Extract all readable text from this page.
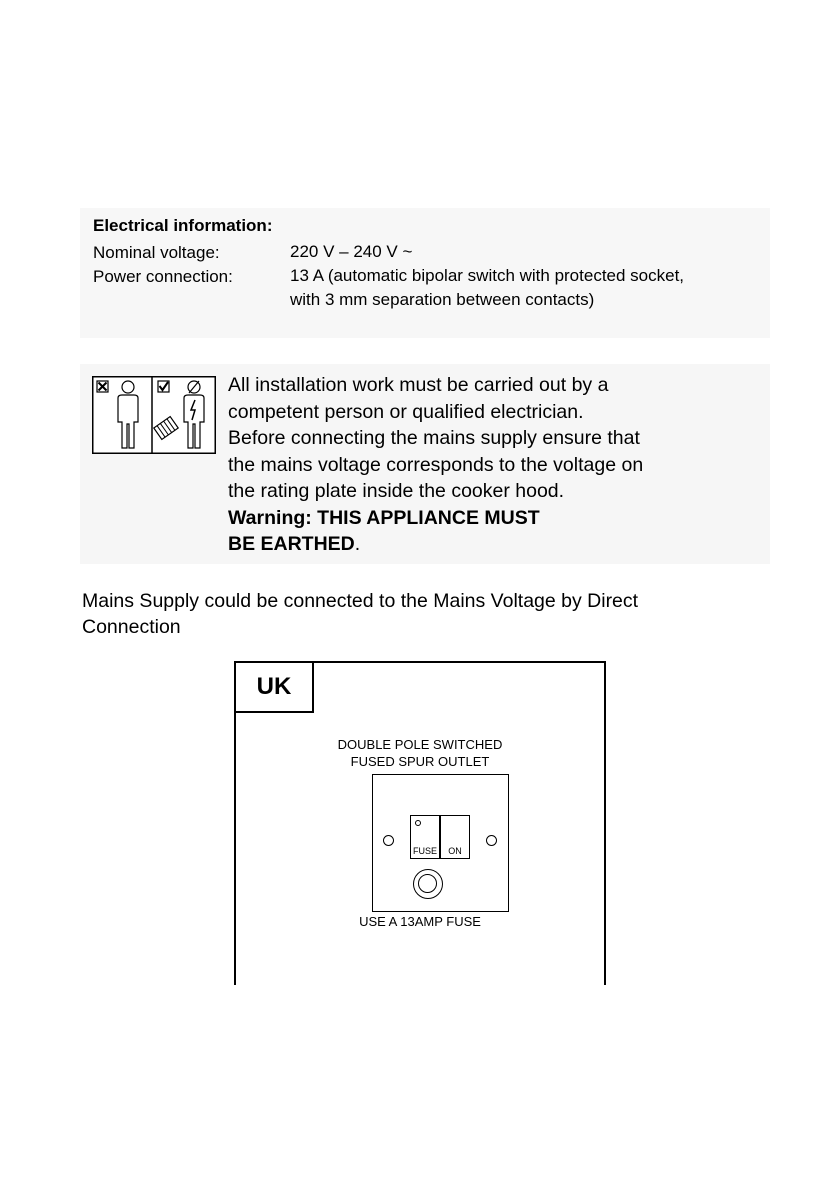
Electrical information:
Nominal voltage:	220 V – 240 V ~
Power connection:	13 A (automatic bipolar switch with protected socket,
with 3 mm separation between contacts)
All installation work must be carried out by a
competent person or qualified electrician.
Before connecting the mains supply ensure that
the mains voltage corresponds to the voltage on
the rating plate inside the cooker hood.
Warning: THIS APPLIANCE MUST
BE EARTHED.
Mains Supply could be connected to the Mains Voltage by Direct
Connection
UK
DOUBLE POLE SWITCHED
FUSED SPUR OUTLET
FUSE	ON
USE A 13AMP FUSE
